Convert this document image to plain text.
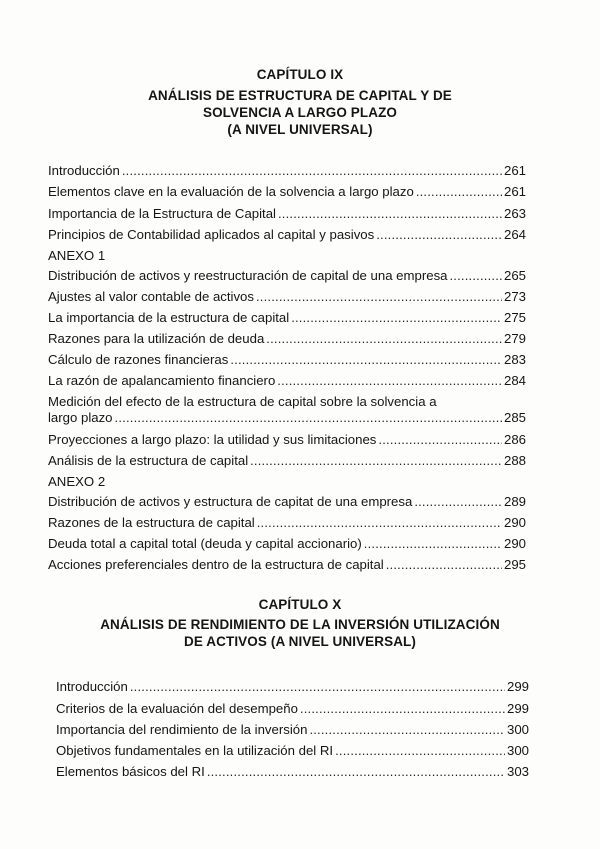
CAPÍTULO IX
ANÁLISIS DE ESTRUCTURA DE CAPITAL Y DE
SOLVENCIA A LARGO PLAZO
(A NIVEL UNIVERSAL)
Introducción .....	261
Elementos clave en la evaluación de la solvencia a largo plazo .....	261
Importancia de la Estructura de Capital .....	263
Principios de Contabilidad aplicados al capital y pasivos .....	264
ANEXO 1
Distribución de activos y reestructuración de capital de una empresa .....	265
Ajustes al valor contable de activos .....	273
La importancia de la estructura de capital .....	275
Razones para la utilización de deuda .....	279
Cálculo de razones financieras .....	283
La razón de apalancamiento financiero .....	284
Medición del efecto de la estructura de capital sobre la solvencia a
largo plazo .....	285
Proyecciones a largo plazo: la utilidad y sus limitaciones .....	286
Análisis de la estructura de capital .....	288
ANEXO 2
Distribución de activos y estructura de capitat de una empresa .....	289
Razones de la estructura de capital .....	290
Deuda total a capital total (deuda y capital accionario) .....	290
Acciones preferenciales dentro de la estructura de capital .....	295
CAPÍTULO X
ANÁLISIS DE RENDIMIENTO DE LA INVERSIÓN UTILIZACIÓN
DE ACTIVOS (A NIVEL UNIVERSAL)
Introducción .....	299
Criterios de la evaluación del desempeño .....	299
Importancia del rendimiento de la inversión .....	300
Objetivos fundamentales en la utilización del RI .....	300
Elementos básicos del RI .....	303
